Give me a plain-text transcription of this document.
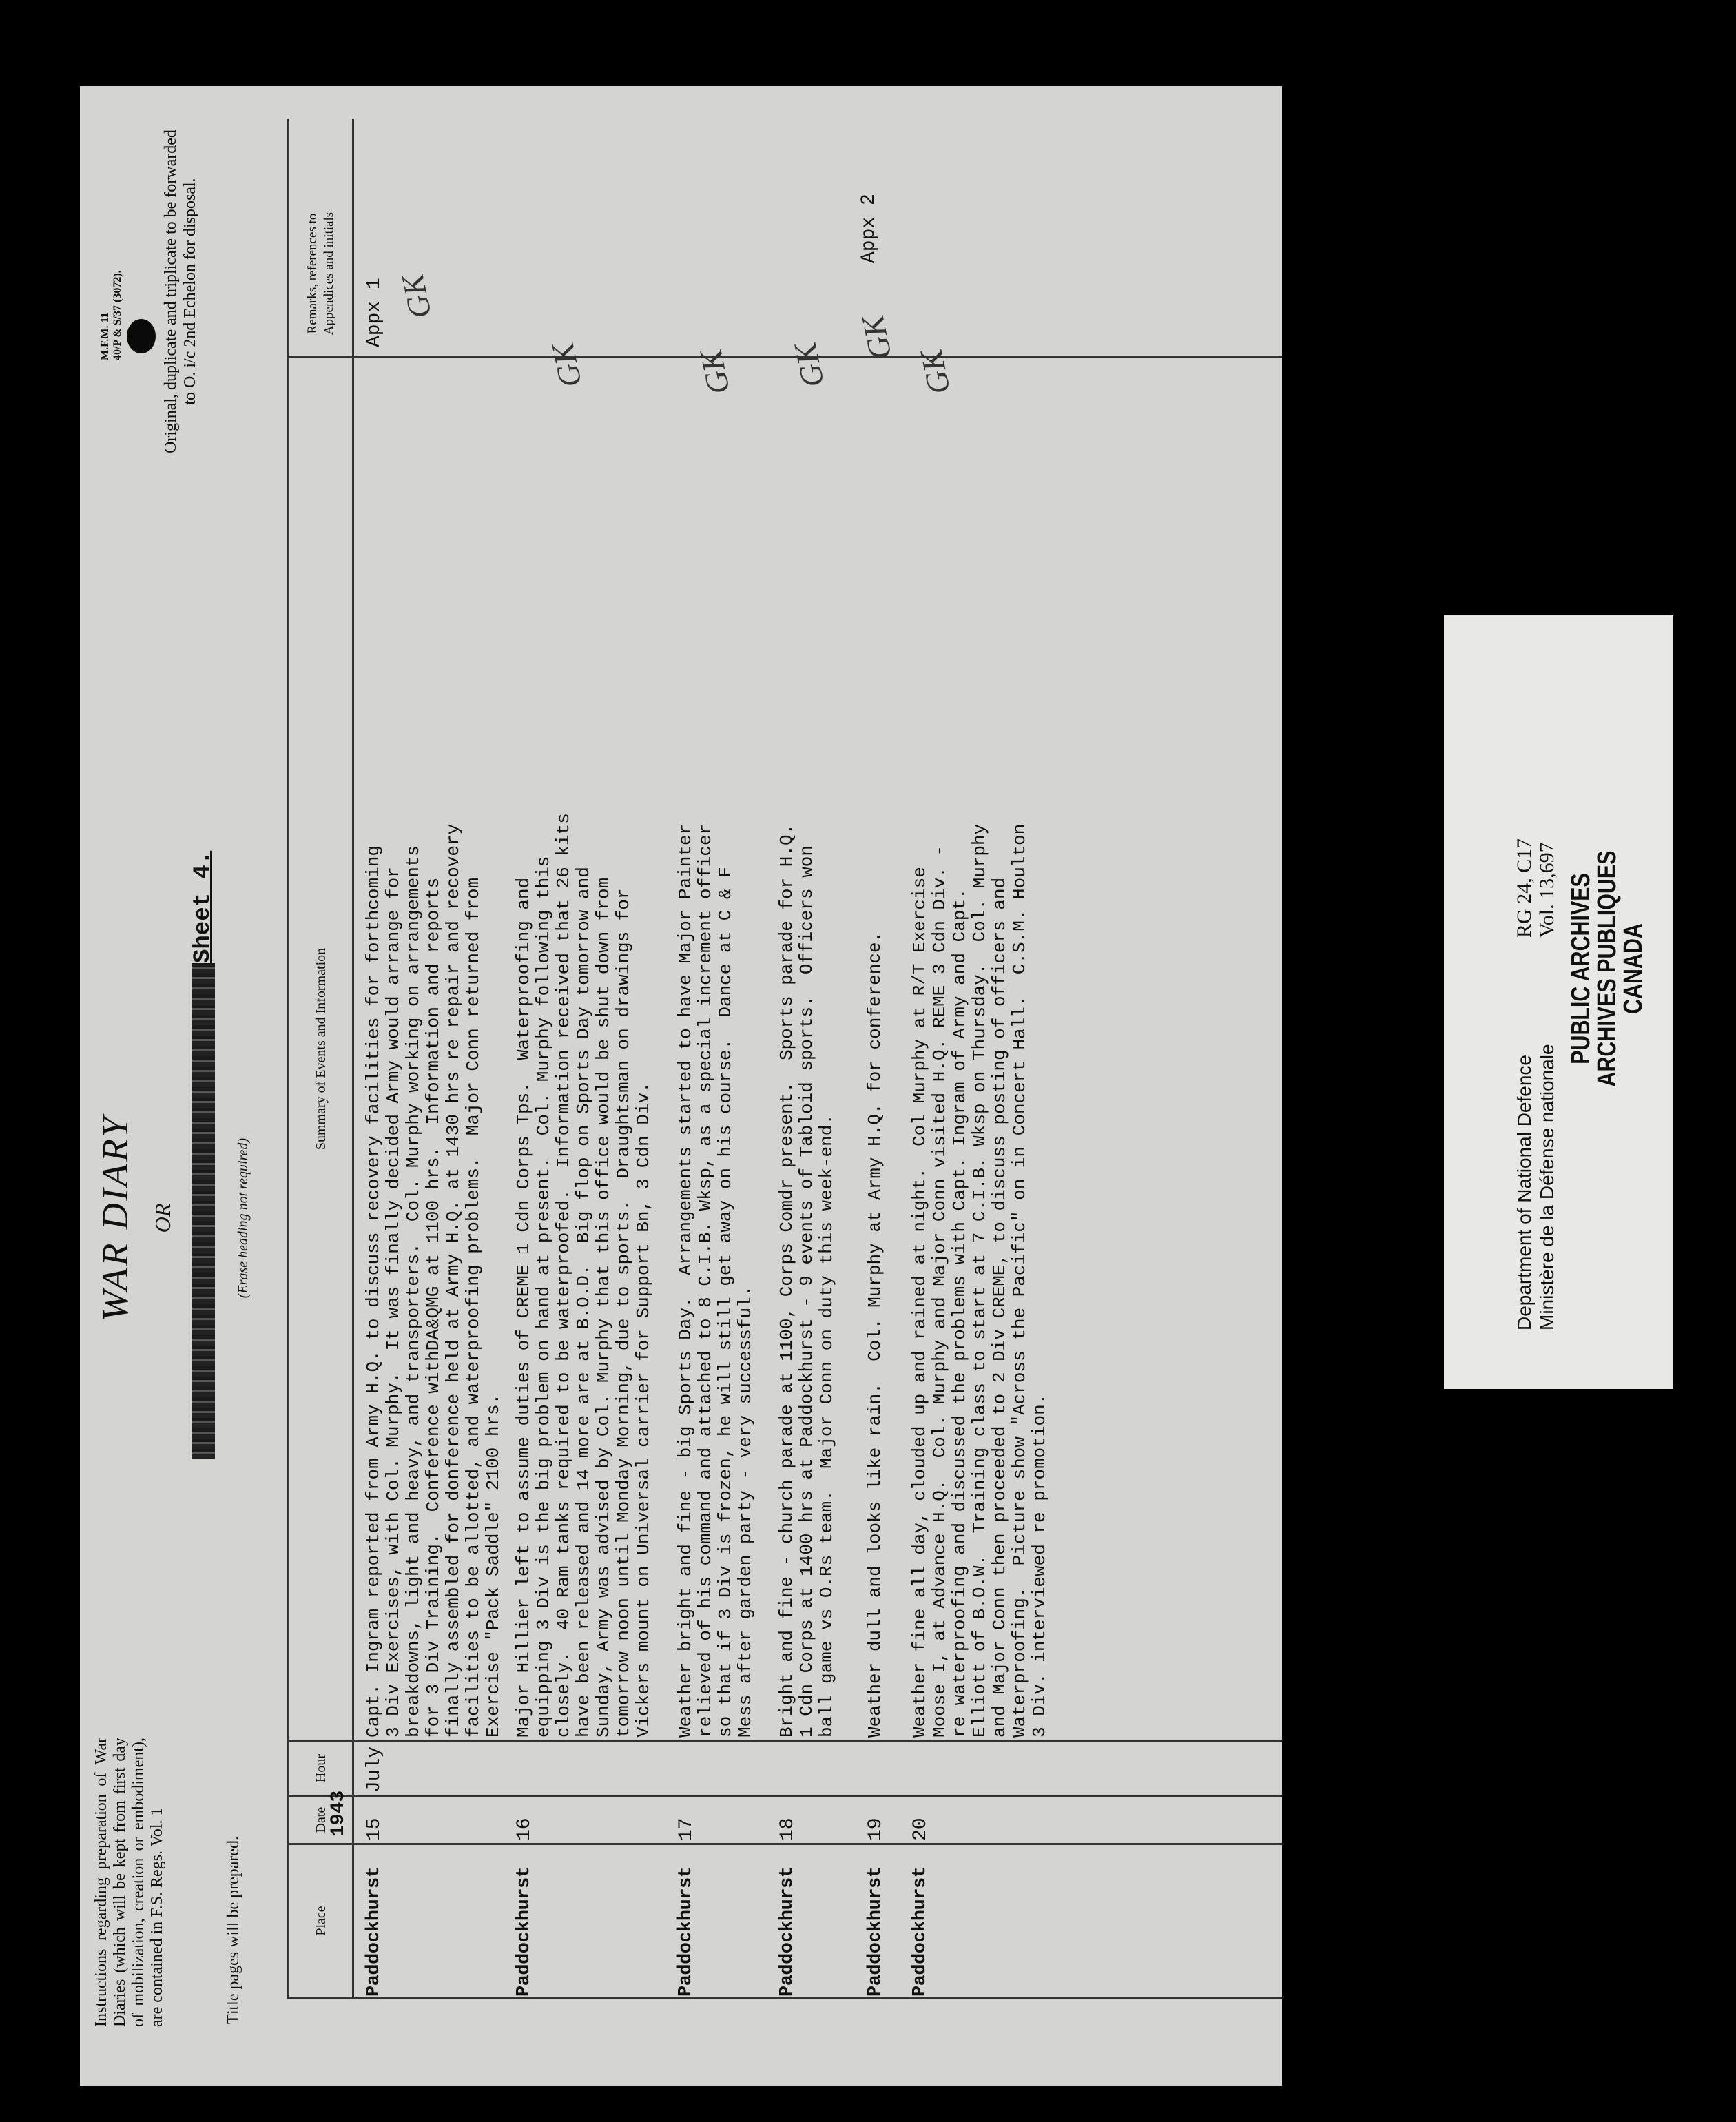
Instructions regarding preparation of War Diaries (which will be kept from first day of mobilization, creation or embodiment), are contained in F.S. Regs. Vol. 1	Title pages will be prepared.
WAR DIARY OR	(Erase heading not required)
Sheet 4.
M.F.M. 11 40/P & S/37 (3072). Original, duplicate and triplicate to be forwarded to O. i/c 2nd Echelon for disposal.
Place
Date
Hour
Summary of Events and Information
Remarks, references to Appendices and initials
1943
Paddockhurst
15
July
Capt. Ingram reported from Army H.Q. to discuss recovery facilities for forthcoming
3 Div Exercises, with Col. Murphy.  It was finally decided Army would arrange for
breakdowns, light and heavy, and transporters.  Col. Murphy working on arrangements
for 3 Div Training.  Conference withDA&QMG at 1100 hrs.  Information and reports
finally assembled for donference held at Army H.Q. at 1430 hrs re repair and recovery
facilities to be allotted, and waterproofing problems.  Major Conn returned from
Exercise "Pack Saddle" 2100 hrs.
Appx 1 GK
Paddockhurst
16
Major Hillier left to assume duties of CREME 1 Cdn Corps Tps.  Waterproofing and
equipping 3 Div is the big problem on hand at present.  Col. Murphy following this
closely.  40 Ram tanks required to be waterproofed.  Information received that 26 kits
have been released and 14 more are at B.O.D.  Big flop on Sports Day tomorrow and
Sunday, Army was advised by Col. Murphy that this office would be shut down from
tomorrow noon until Monday Morning, due to sports.  Draughtsman on drawings for
Vickers mount on Universal carrier for Support Bn, 3 Cdn Div.
GK
Paddockhurst
17
Weather bright and fine - big Sports Day.  Arrangements started to have Major Painter
relieved of his command and attached to 8 C.I.B. Wksp, as a special increment officer
so that if 3 Div is frozen, he will still get away on his course.  Dance at C & F
Mess after garden party - very successful.
GK
Paddockhurst
18
Bright and fine - church parade at 1100, Corps Comdr present.  Sports parade for H.Q.
1 Cdn Corps at 1400 hrs at Paddockhurst - 9 events of Tabloid sports.  Officers won
ball game vs O.Rs team.  Major Conn on duty this week-end.
GK
Paddockhurst
19
Weather dull and looks like rain.  Col. Murphy at Army H.Q. for conference.
Appx 2
GK
Paddockhurst
20
Weather fine all day, clouded up and rained at night.  Col Murphy at R/T Exercise
Moose I, at Advance H.Q.  Col. Murphy and Major Conn visited H.Q. REME 3 Cdn Div. -
re waterproofing and discussed the problems with Capt. Ingram of Army and Capt.
Elliott of B.O.W.  Training class to start at 7 C.I.B. Wksp on Thursday.  Col. Murphy
and Major Conn then proceeded to 2 Div CREME, to discuss posting of officers and
Waterproofing.  Picture show "Across the Pacific" on in Concert Hall.  C.S.M. Houlton
3 Div. interviewed re promotion.
GK
Department of National Defence Ministère de la Défense nationale
RG 24, C17 Vol. 13,697 PUBLIC ARCHIVES
ARCHIVES PUBLIQUES
CANADA
